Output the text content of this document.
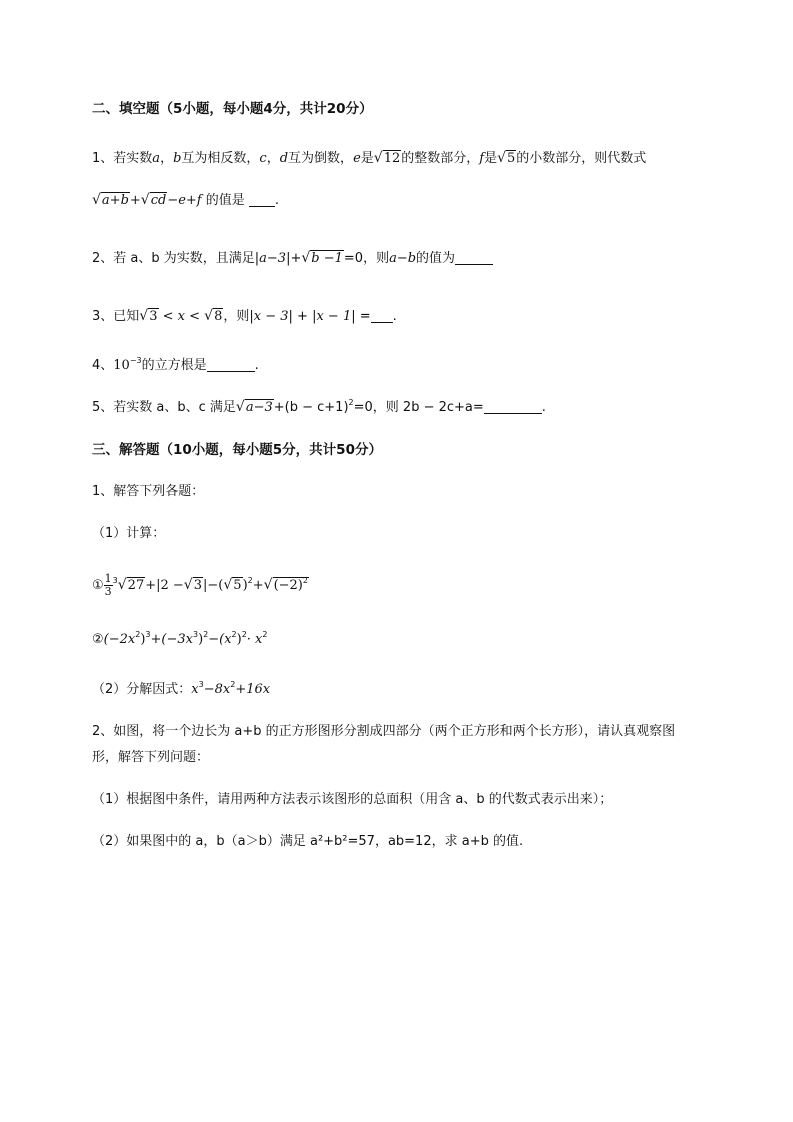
二、填空题（5小题，每小题4分，共计20分）
1、若实数a，b互为相反数，c，d互为倒数，e是√12的整数部分，f是√5的小数部分，则代数式
√a+b+√cd−e+f 的值是 .
2、若 a、b 为实数，且满足|a−3|+√b −1=0，则a−b的值为
3、已知√3 < x < √8，则|x − 3| + |x − 1| = .
4、$10^{-3}$的立方根是	.
5、若实数 a、b、c 满足$√a-3+(b - c+1)^2=0$，则 2b − 2c+a=	.
三、解答题（10小题，每小题5分，共计50分）
1、解答下列各题：
（1）计算：
① $\frac{1}{3} ^3√27+|2 -√3|-(√5)^2+√(-2)^2$
$②(-2x^2)^3+(-3x^3)^2-(x^2)^2\cdot x^2$
（2）分解因式：$x^3-8x^2+16x$
2、如图，将一个边长为 a+b 的正方形图形分割成四部分（两个正方形和两个长方形），请认真观察图
形，解答下列问题：
（1）根据图中条件，请用两种方法表示该图形的总面积（用含 a、b 的代数式表示出来）；
（2）如果图中的 a，b（a＞b）满足 a²+b²=57，ab=12，求 a+b 的值.
